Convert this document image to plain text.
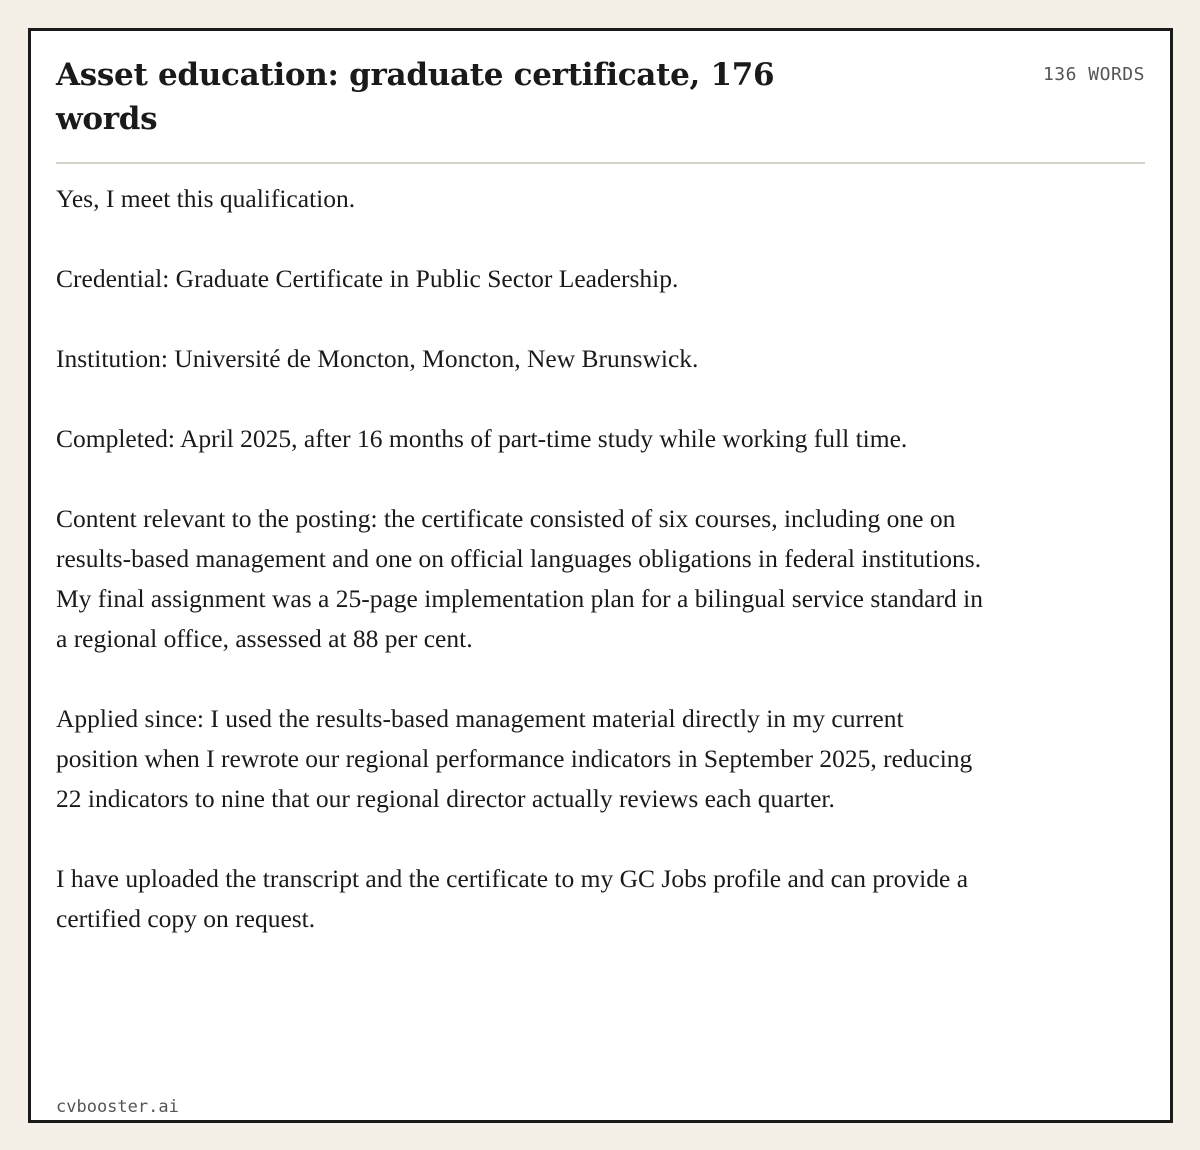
Asset education: graduate certificate, 176 words
136 WORDS

Yes, I meet this qualification.

Credential: Graduate Certificate in Public Sector Leadership.

Institution: Université de Moncton, Moncton, New Brunswick.

Completed: April 2025, after 16 months of part-time study while working full time.

Content relevant to the posting: the certificate consisted of six courses, including one on results-based management and one on official languages obligations in federal institutions. My final assignment was a 25-page implementation plan for a bilingual service standard in a regional office, assessed at 88 per cent.

Applied since: I used the results-based management material directly in my current position when I rewrote our regional performance indicators in September 2025, reducing 22 indicators to nine that our regional director actually reviews each quarter.

I have uploaded the transcript and the certificate to my GC Jobs profile and can provide a certified copy on request.

cvbooster.ai
